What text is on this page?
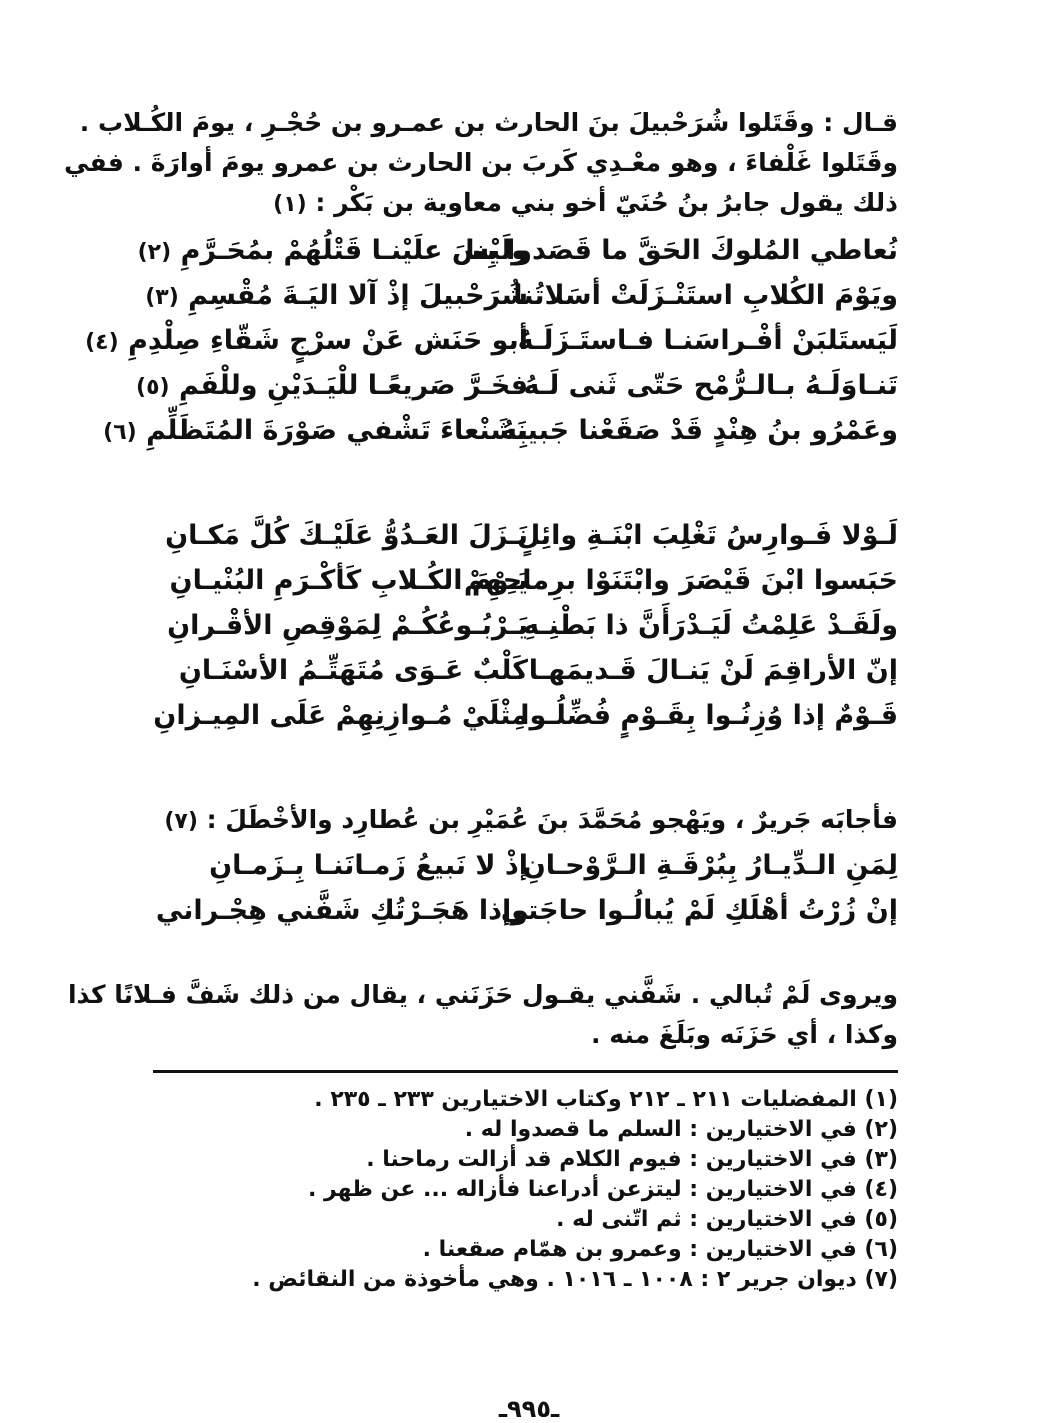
قـال : وقَتَلوا شُرَحْبيلَ بنَ الحارث بن عمـرو بن حُجْـرِ ، يومَ الكُـلاب .
وقَتَلوا غَلْفاءَ ، وهو معْـدِي كَربَ بن الحارث بن عمرو يومَ أوارَةَ . ففي
ذلك يقول جابرُ بنُ حُنَيّ أخو بني معاوية بن بَكْر : (١)
نُعاطي المُلوكَ الحَقَّ ما قَصَدوا بِنا
ولَيْسَ علَيْنـا قَتْلُهُمْ بمُحَـرَّمِ (٢)
ويَوْمَ الكُلابِ استَنْـزَلَتْ أسَلاتُنا
شُرَحْبيلَ إذْ آلا اليَـةَ مُقْسِمِ (٣)
لَيَستَلبَنْ أفْـراسَنـا فـاستَـزَلَـهُ
أبو حَنَش عَنْ سرْجٍ شَقّاءِ صِلْدِمِ (٤)
تَنـاوَلَـهُ بـالـرُّمْح حَتّى ثَنى لَـهُ
فخَـرَّ صَريعًـا للْيَـدَيْنِ وللْفَمِ (٥)
وعَمْرُو بنُ هِنْدٍ قَدْ صَقَعْنا جَبينَهُ
بِشَنْعاءَ تَشْفي صَوْرَةَ المُتَظَلِّمِ (٦)
لَـوْلا فَـوارِسُ تَغْلِبَ ابْنَـةِ وائِلٍ
نَـزَلَ العَـدُوُّ عَلَيْـكَ كُلَّ مَكـانِ
حَبَسوا ابْنَ قَيْصَرَ وابْتَنَوْا برِماحِهِمْ
يَـوْمَ الكُـلابِ كَأكْـرَمِ البُنْيـانِ
ولَقَـدْ عَلِمْتُ لَيَـدْرَأَنَّ ذا بَطْنِـهِ
يَـرْبُـوعُكُـمْ لِمَوْقِصِ الأقْـرانِ
إنّ الأراقِمَ لَنْ يَنـالَ قَـديمَهـا
كَلْبٌ عَـوَى مُتَهَتِّـمُ الأسْنَـانِ
قَـوْمٌ إذا وُزِنُـوا بِقَـوْمٍ فُضِّلُـوا
مِثْلَيْ مُـوازِنِهِمْ عَلَى المِيـزانِ
فأجابَه جَريرٌ ، ويَهْجو مُحَمَّدَ بنَ عُمَيْرِ بن عُطارِد والأخْطَلَ : (٧)
لِمَنِ الـدِّيـارُ بِبُرْقَـةِ الـرَّوْحـانِ
إذْ لا نَبيعُ زَمـانَنـا بِـزَمـانِ
إنْ زُرْتُ أهْلَكِ لَمْ يُبالُـوا حاجَتي
وإذا هَجَـرْتُكِ شَفَّني هِجْـراني
ويروى لَمْ تُبالي . شَفَّني يقـول حَزَنَني ، يقال من ذلك شَفَّ فـلانًا كذا
وكذا ، أي حَزَنَه وبَلَغَ منه .
(١) المفضليات ٢١١ ـ ٢١٢ وكتاب الاختيارين ٢٣٣ ـ ٢٣٥ .
(٢) في الاختيارين : السلم ما قصدوا له .
(٣) في الاختيارين : فيوم الكلام قد أزالت رماحنا .
(٤) في الاختيارين : ليتزعن أدراعنا فأزاله ... عن ظهر .
(٥) في الاختيارين : ثم اتّنى له .
(٦) في الاختيارين : وعمرو بن همّام صقعنا .
(٧) ديوان جرير ٢ : ١٠٠٨ ـ ١٠١٦ . وهي مأخوذة من النقائض .
ـ٩٩٥ـ
